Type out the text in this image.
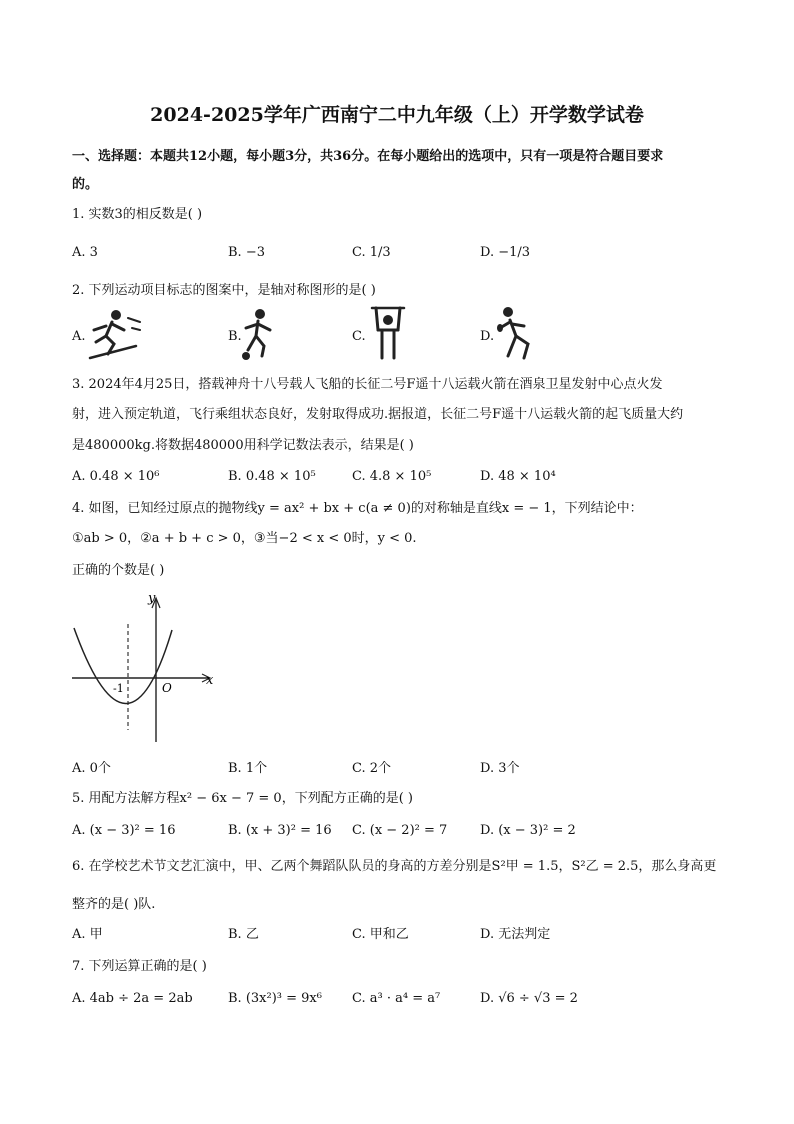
2024-2025学年广西南宁二中九年级（上）开学数学试卷
一、选择题：本题共12小题，每小题3分，共36分。在每小题给出的选项中，只有一项是符合题目要求
的。
1. 实数3的相反数是( )
A. 3	B. −3	C. 1/3	D. −1/3
2. 下列运动项目标志的图案中，是轴对称图形的是( )
A.	B.	C.	D.
3. 2024年4月25日，搭载神舟十八号载人飞船的长征二号F遥十八运载火箭在酒泉卫星发射中心点火发
射，进入预定轨道，飞行乘组状态良好，发射取得成功.据报道，长征二号F遥十八运载火箭的起飞质量大约
是480000kg.将数据480000用科学记数法表示，结果是( )
A. 0.48 × 10⁶	B. 0.48 × 10⁵	C. 4.8 × 10⁵	D. 48 × 10⁴
4. 如图，已知经过原点的抛物线y = ax² + bx + c(a ≠ 0)的对称轴是直线x = − 1，下列结论中：
①ab > 0，②a + b + c > 0，③当−2 < x < 0时，y < 0.
正确的个数是( )
y
x
O
-1
A. 0个	B. 1个	C. 2个	D. 3个
5. 用配方法解方程x² − 6x − 7 = 0，下列配方正确的是( )
A. (x − 3)² = 16	B. (x + 3)² = 16 C. (x − 2)² = 7	D. (x − 3)² = 2
6. 在学校艺术节文艺汇演中，甲、乙两个舞蹈队队员的身高的方差分别是S²甲 = 1.5，S²乙 = 2.5，那么身高更
整齐的是( )队.
A. 甲	B. 乙	C. 甲和乙	D. 无法判定
7. 下列运算正确的是( )
A. 4ab ÷ 2a = 2ab	B. (3x²)³ = 9x⁶ C. a³ · a⁴ = a⁷	D. √6 ÷ √3 = 2
